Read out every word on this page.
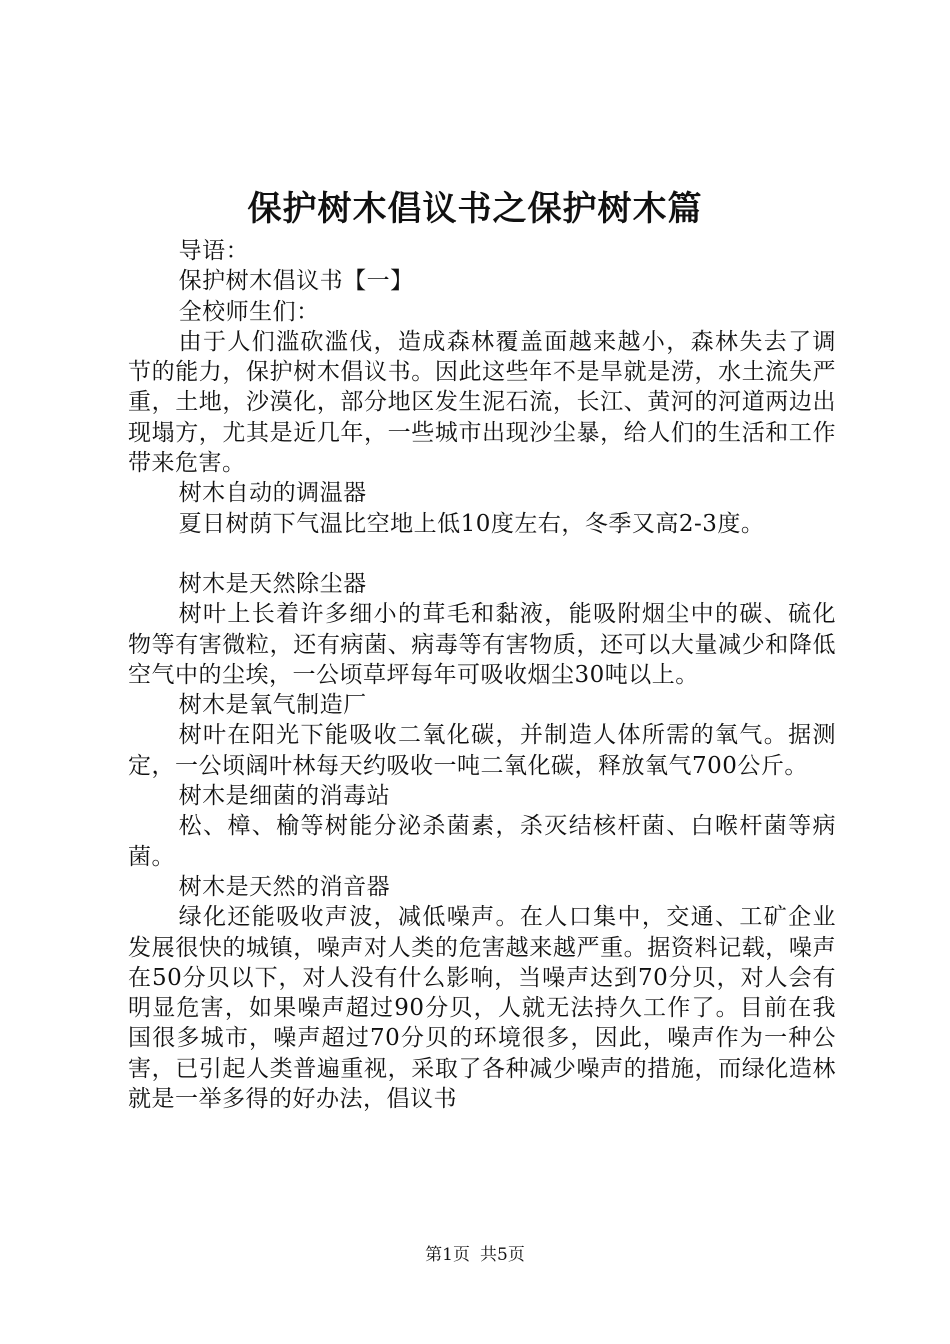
保护树木倡议书之保护树木篇

导语：

保护树木倡议书【一】

全校师生们：

由于人们滥砍滥伐，造成森林覆盖面越来越小，森林失去了调节的能力，保护树木倡议书。因此这些年不是旱就是涝，水土流失严重，土地，沙漠化，部分地区发生泥石流，长江、黄河的河道两边出现塌方，尤其是近几年，一些城市出现沙尘暴，给人们的生活和工作带来危害。

树木自动的调温器

夏日树荫下气温比空地上低10度左右，冬季又高2-3度。

树木是天然除尘器

树叶上长着许多细小的茸毛和黏液，能吸附烟尘中的碳、硫化物等有害微粒，还有病菌、病毒等有害物质，还可以大量减少和降低空气中的尘埃，一公顷草坪每年可吸收烟尘30吨以上。

树木是氧气制造厂

树叶在阳光下能吸收二氧化碳，并制造人体所需的氧气。据测定，一公顷阔叶林每天约吸收一吨二氧化碳，释放氧气700公斤。

树木是细菌的消毒站

松、樟、榆等树能分泌杀菌素，杀灭结核杆菌、白喉杆菌等病菌。

树木是天然的消音器

绿化还能吸收声波，减低噪声。在人口集中，交通、工矿企业发展很快的城镇，噪声对人类的危害越来越严重。据资料记载，噪声在50分贝以下，对人没有什么影响，当噪声达到70分贝，对人会有明显危害，如果噪声超过90分贝，人就无法持久工作了。目前在我国很多城市，噪声超过70分贝的环境很多，因此，噪声作为一种公害，已引起人类普遍重视，采取了各种减少噪声的措施，而绿化造林就是一举多得的好办法，倡议书

第1页 共5页
